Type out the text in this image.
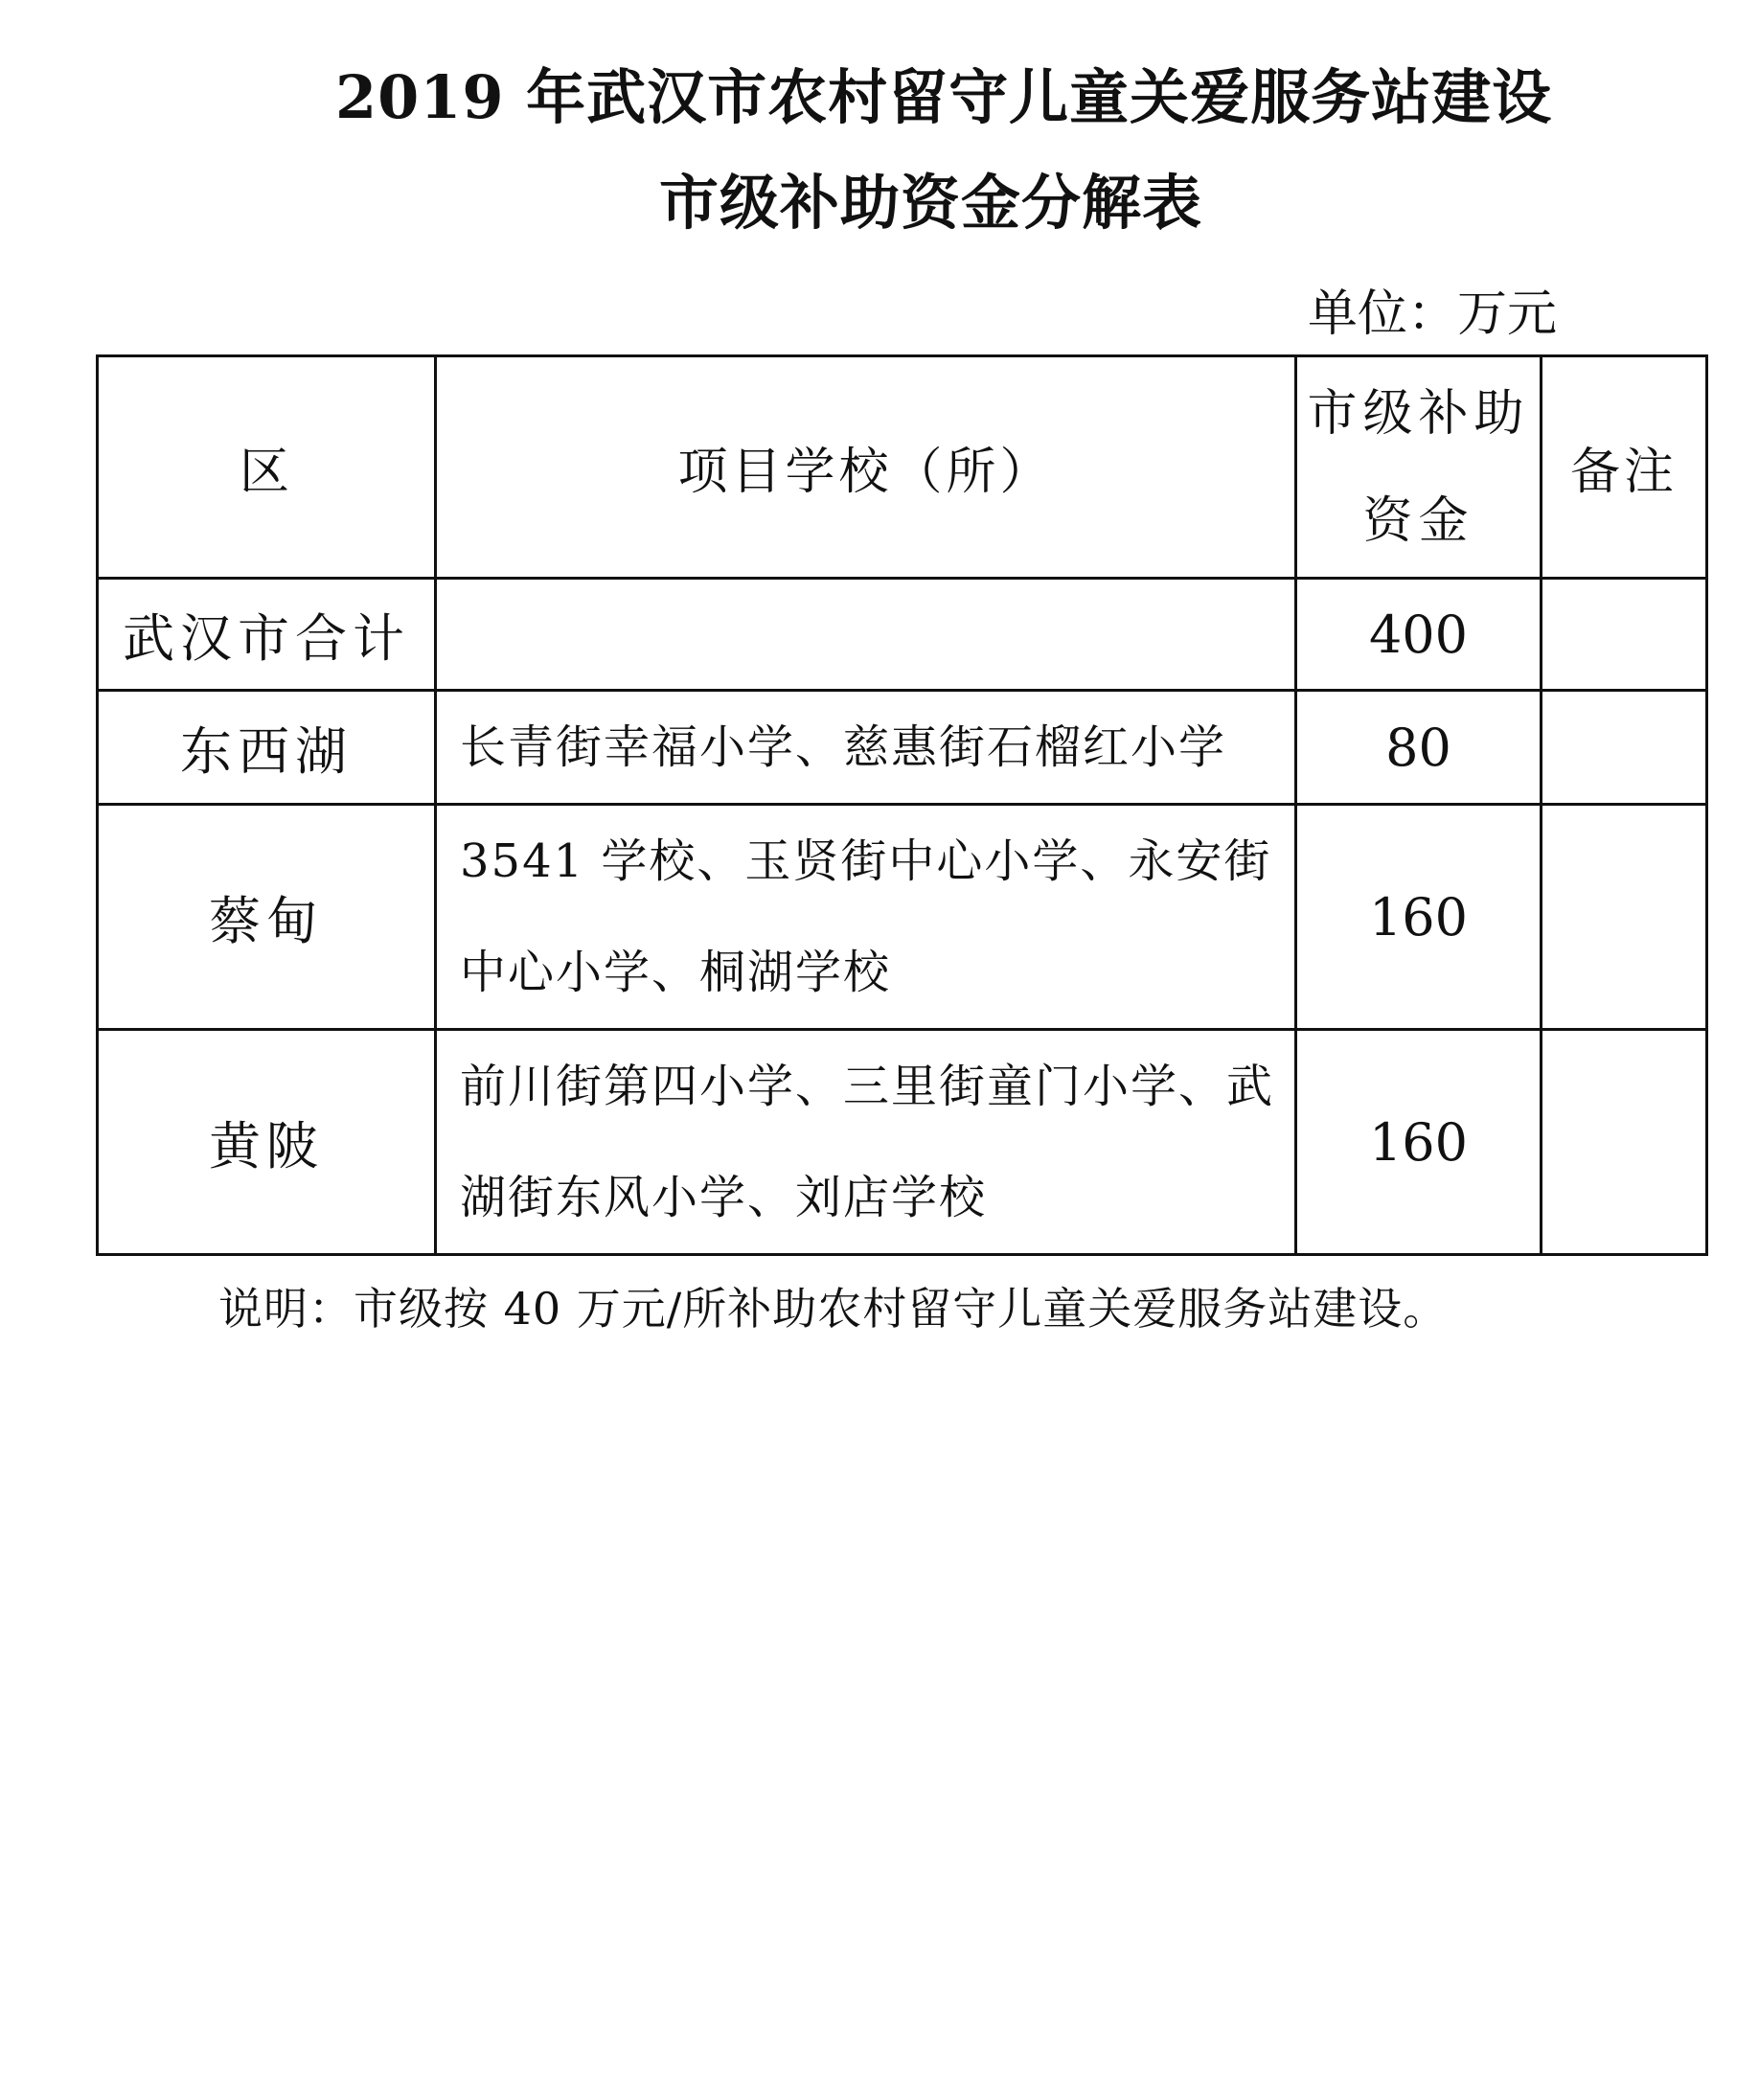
2019 年武汉市农村留守儿童关爱服务站建设
市级补助资金分解表
单位：万元
区	项目学校（所）	市级补助资金	备注
武汉市合计		400	
东西湖	长青街幸福小学、慈惠街石榴红小学	80	
蔡甸	3541 学校、玉贤街中心小学、永安街中心小学、桐湖学校	160	
黄陂	前川街第四小学、三里街童门小学、武湖街东风小学、刘店学校	160	
说明：市级按 40 万元/所补助农村留守儿童关爱服务站建设。
